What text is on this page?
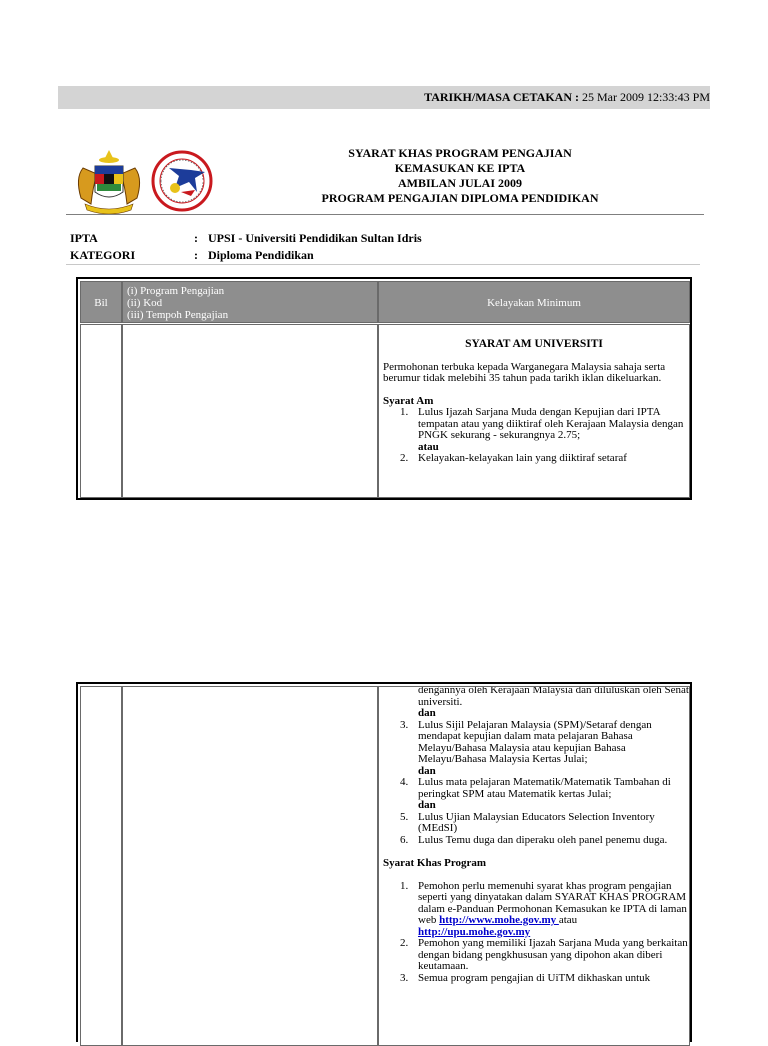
TARIKH/MASA CETAKAN : 25 Mar 2009 12:33:43 PM
SYARAT KHAS PROGRAM PENGAJIAN
KEMASUKAN KE IPTA
AMBILAN JULAI 2009
PROGRAM PENGAJIAN DIPLOMA PENDIDIKAN
IPTA	: UPSI - Universiti Pendidikan Sultan Idris
KATEGORI	: Diploma Pendidikan
Bil
(i) Program Pengajian
(ii) Kod
(iii) Tempoh Pengajian
Kelayakan Minimum

SYARAT AM UNIVERSITI

Permohonan terbuka kepada Warganegara Malaysia sahaja serta berumur tidak melebihi 35 tahun pada tarikh iklan dikeluarkan.

Syarat Am

1. Lulus Ijazah Sarjana Muda dengan Kepujian dari IPTA tempatan atau yang diiktiraf oleh Kerajaan Malaysia dengan
PNGK sekurang - sekurangnya 2.75;
atau
2. Kelayakan-kelayakan lain yang diiktiraf setaraf

dengannya oleh Kerajaan Malaysia dan diluluskan oleh Senat universiti.

dan

3. Lulus Sijil Pelajaran Malaysia (SPM)/Setaraf dengan mendapat kepujian dalam mata pelajaran Bahasa Melayu/Bahasa Malaysia atau kepujian Bahasa Melayu/Bahasa Malaysia Kertas Julai;

dan

4. Lulus mata pelajaran Matematik/Matematik Tambahan di peringkat SPM atau Matematik kertas Julai;

dan

5. Lulus Ujian Malaysian Educators Selection Inventory (MEdSI)
6. Lulus Temu duga dan diperaku oleh panel penemu duga.

Syarat Khas Program

1. Pemohon perlu memenuhi syarat khas program pengajian seperti yang dinyatakan dalam SYARAT KHAS PROGRAM dalam e-Panduan Permohonan Kemasukan ke IPTA di laman web http://www.mohe.gov.my atau
http://upu.mohe.gov.my
2. Pemohon yang memiliki Ijazah Sarjana Muda yang berkaitan dengan bidang pengkhususan yang dipohon akan diberi keutamaan.
3. Semua program pengajian di UiTM dikhaskan untuk
